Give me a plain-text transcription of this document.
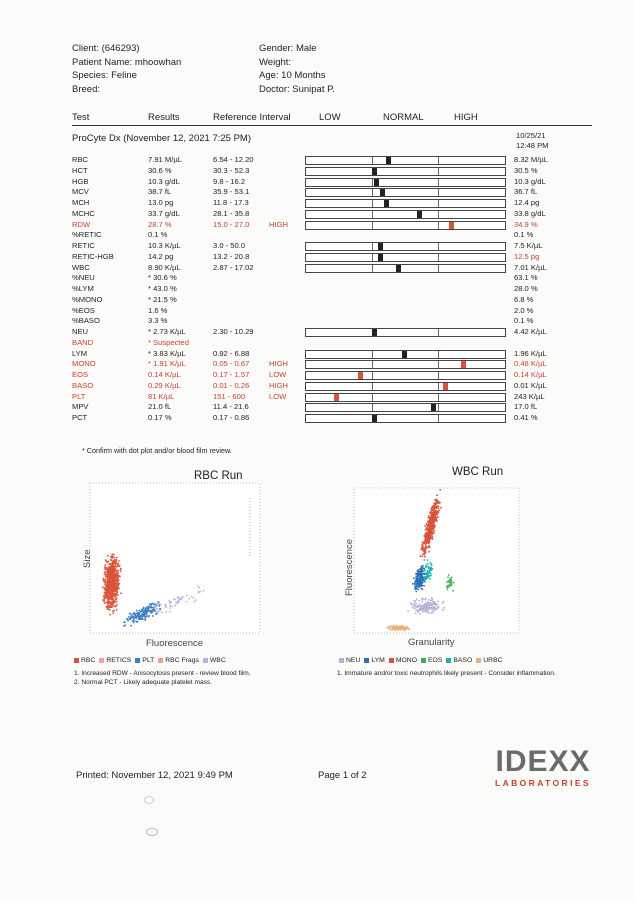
Client: (646293)
Patient Name: mhoowhan
Species: Feline
Breed:
Gender: Male
Weight:
Age: 10 Months
Doctor: Sunipat P.
Test	Results	Reference Interval	LOW	NORMAL	HIGH
ProCyte Dx (November 12, 2021 7:25 PM)	10/25/21
12:48 PM
RBC	7.91 M/µL	6.54 - 12.20	8.32 M/µL
HCT	30.6 %	30.3 - 52.3	30.5 %
HGB	10.3 g/dL	9.8 - 16.2	10.3 g/dL
MCV	38.7 fL	35.9 - 53.1	36.7 fL
MCH	13.0 pg	11.8 - 17.3	12.4 pg
MCHC	33.7 g/dL	28.1 - 35.8	33.8 g/dL
RDW	28.7 %	15.0 - 27.0	HIGH	34.9 %
%RETIC	0.1 %	0.1 %
RETIC	10.3 K/µL	3.0 - 50.0	7.5 K/µL
RETIC-HGB	14.2 pg	13.2 - 20.8	12.5 pg
WBC	8.90 K/µL	2.87 - 17.02	7.01 K/µL
%NEU	* 30.6 %	63.1 %
%LYM	* 43.0 %	28.0 %
%MONO	* 21.5 %	6.8 %
%EOS	1.6 %	2.0 %
%BASO	3.3 %	0.1 %
NEU	* 2.73 K/µL	2.30 - 10.29	4.42 K/µL
BAND	* Suspected
LYM	* 3.83 K/µL	0.92 - 6.88	1.96 K/µL
MONO	* 1.91 K/µL	0.05 - 0.67	HIGH	0.48 K/µL
EOS	0.14 K/µL	0.17 - 1.57	LOW	0.14 K/µL
BASO	0.29 K/µL	0.01 - 0.26	HIGH	0.01 K/µL
PLT	81 K/µL	151 - 600	LOW	243 K/µL
MPV	21.0 fL	11.4 - 21.6	17.0 fL
PCT	0.17 %	0.17 - 0.86	0.41 %
* Confirm with dot plot and/or blood film review.
RBC Run
Size
Fluorescence
WBC Run
Fluorescence
Granularity
RBC RETICS PLT RBC Frags WBC
1. Increased RDW - Anisocytosis present - review blood film.
2. Normal PCT - Likely adequate platelet mass.
NEU LYM MONO EOS BASO URBC
1. Immature and/or toxic neutrophils likely present - Consider inflammation.
IDEXX
LABORATORIES
Printed: November 12, 2021 9:49 PM	Page 1 of 2
